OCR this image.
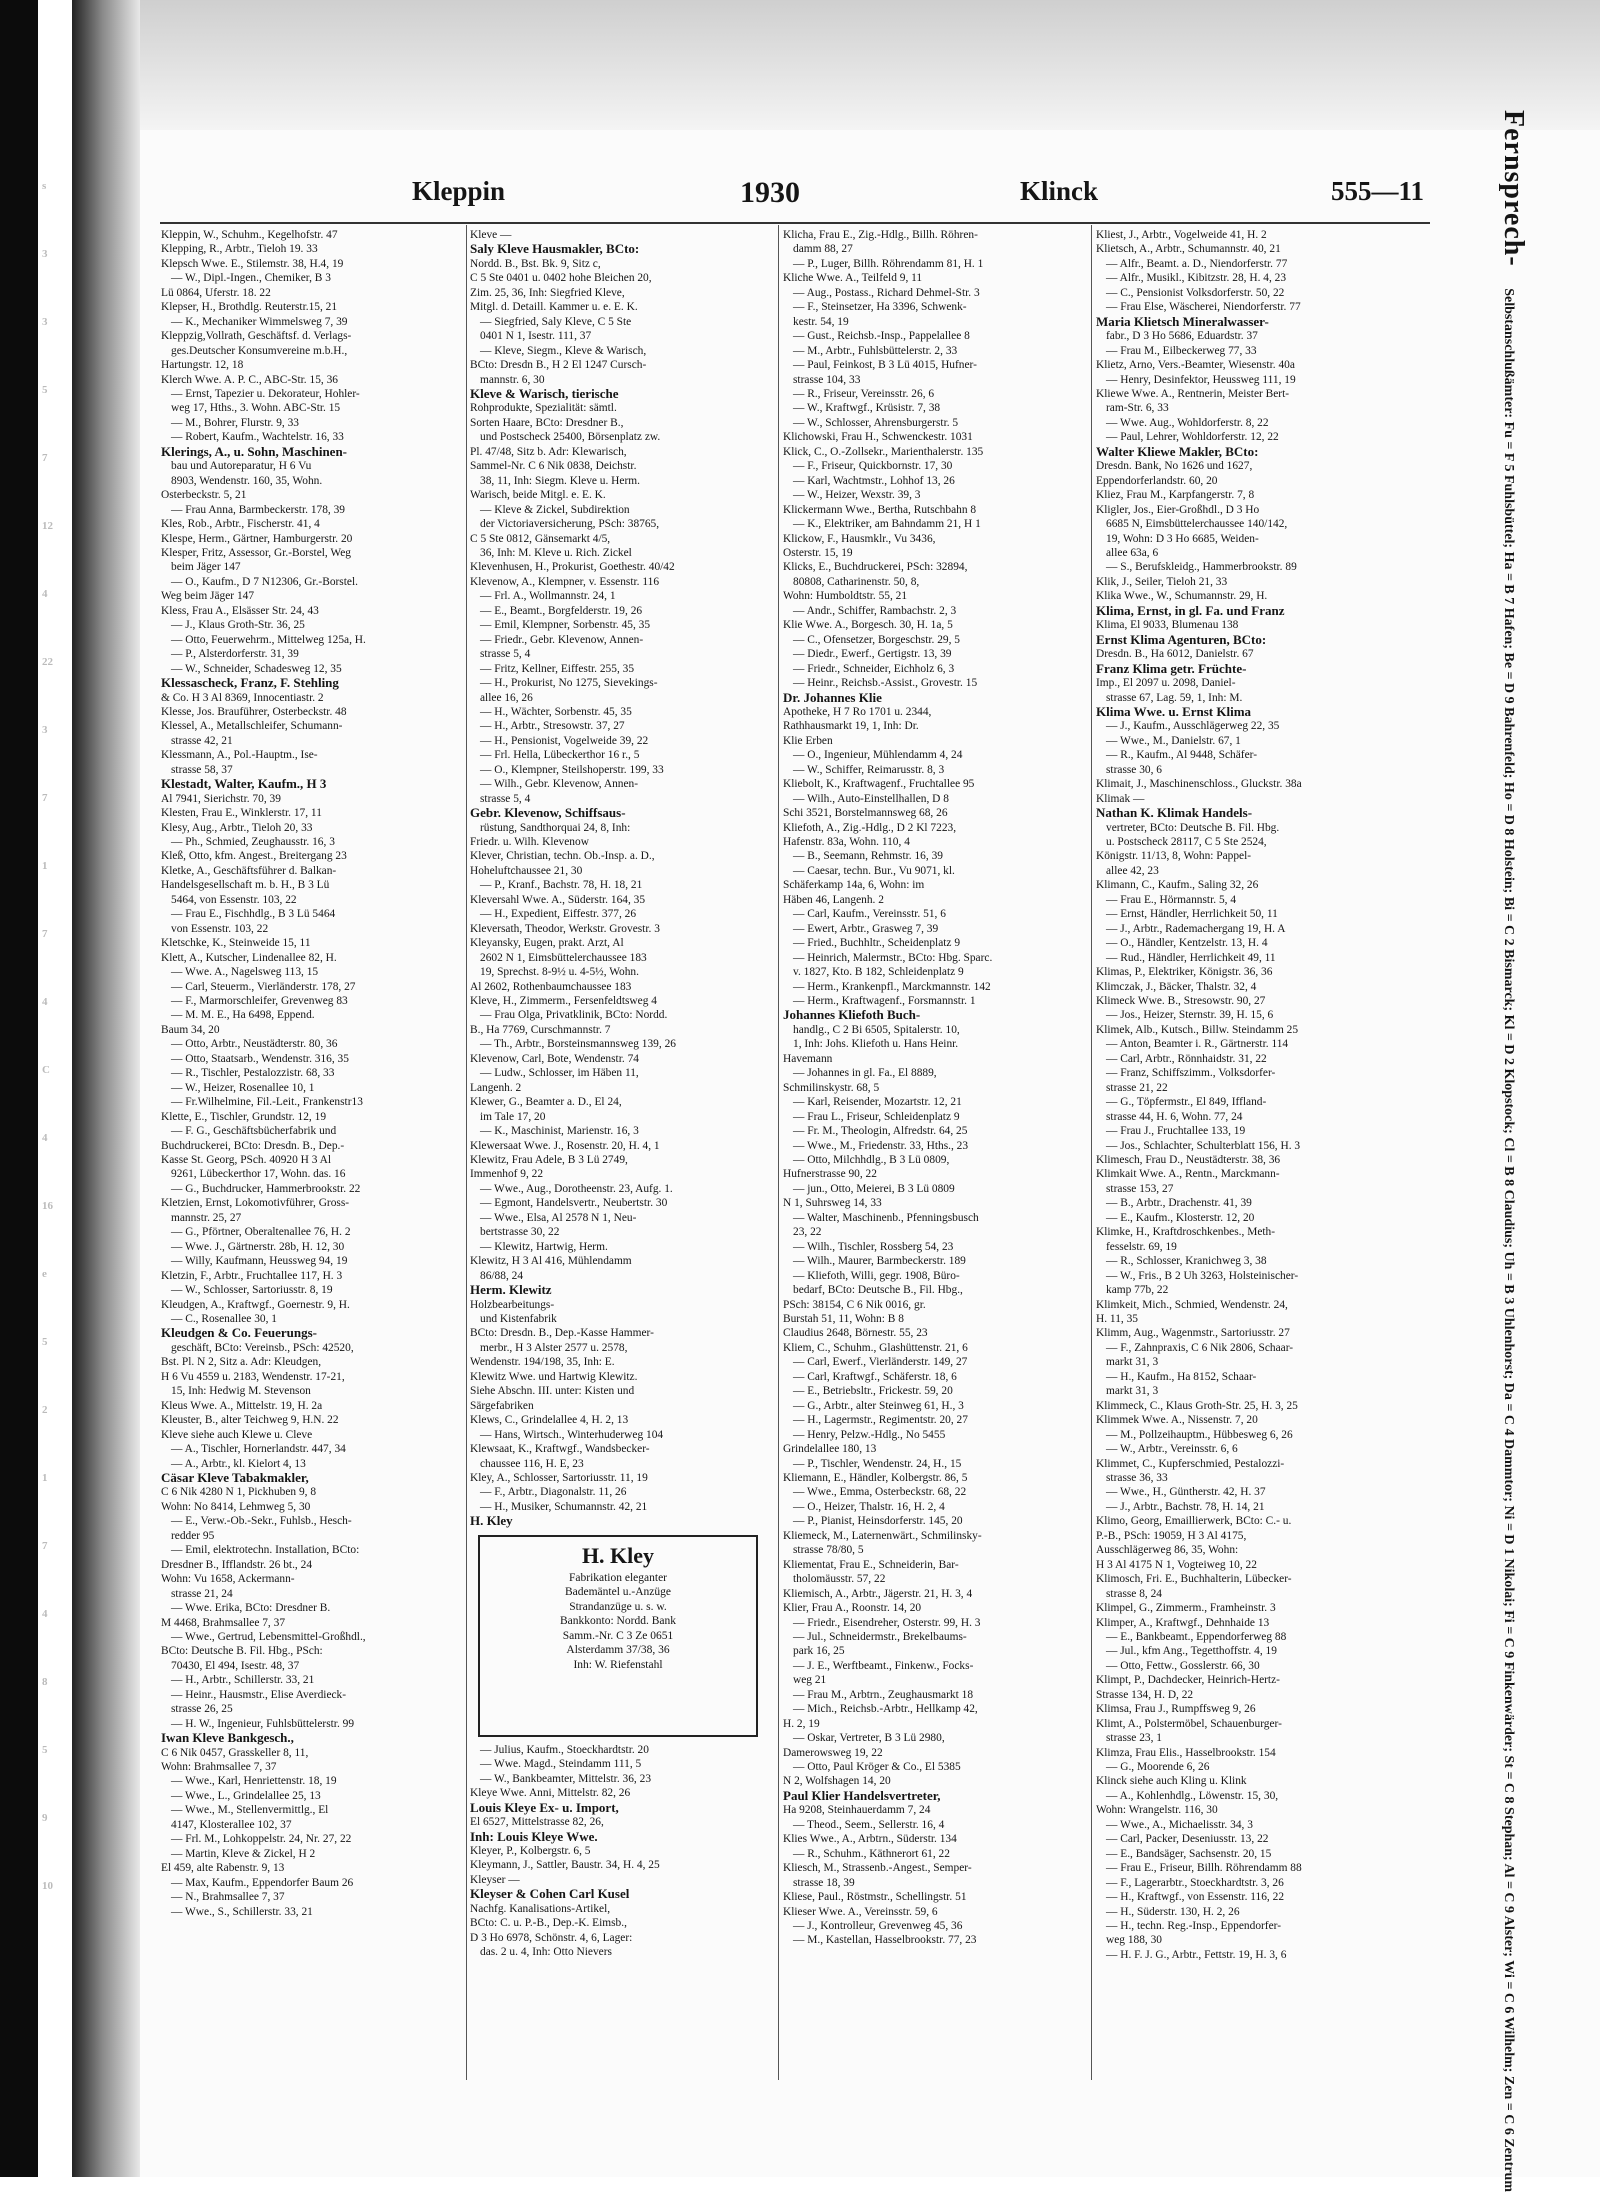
s
3
3
5
7
12
4
22
3
7
1
7
4
C
4
16
e
5
2
1
7
4
8
5
9
10
Kleppin	1930	Klinck	555—11
Kleppin, W., Schuhm., Kegelhofstr. 47
Klepping, R., Arbtr., Tieloh 19. 33
Klepsch Wwe. E., Stilemstr. 38, H.4, 19
— W., Dipl.-Ingen., Chemiker, B 3
Lü 0864, Uferstr. 18. 22
Klepser, H., Brothdlg. Reuterstr.15, 21
— K., Mechaniker Wimmelsweg 7, 39
Kleppzig,Vollrath, Geschäftsf. d. Verlags-
ges.Deutscher Konsumvereine m.b.H.,
Hartungstr. 12, 18
Klerch Wwe. A. P. C., ABC-Str. 15, 36
— Ernst, Tapezier u. Dekorateur, Hohler-
weg 17, Hths., 3. Wohn. ABC-Str. 15
— M., Bohrer, Flurstr. 9, 33
— Robert, Kaufm., Wachtelstr. 16, 33
Klerings, A., u. Sohn, Maschinen-
bau und Autoreparatur, H 6 Vu
8903, Wendenstr. 160, 35, Wohn.
Osterbeckstr. 5, 21
— Frau Anna, Barmbeckerstr. 178, 39
Kles, Rob., Arbtr., Fischerstr. 41, 4
Klespe, Herm., Gärtner, Hamburgerstr. 20
Klesper, Fritz, Assessor, Gr.-Borstel, Weg
beim Jäger 147
— O., Kaufm., D 7 N12306, Gr.-Borstel.
Weg beim Jäger 147
Kless, Frau A., Elsässer Str. 24, 43
— J., Klaus Groth-Str. 36, 25
— Otto, Feuerwehrm., Mittelweg 125a, H.
— P., Alsterdorferstr. 31, 39
— W., Schneider, Schadesweg 12, 35
Klessascheck, Franz, F. Stehling
& Co. H 3 Al 8369, Innocentiastr. 2
Klesse, Jos. Brauführer, Osterbeckstr. 48
Klessel, A., Metallschleifer, Schumann-
strasse 42, 21
Klessmann, A., Pol.-Hauptm., Ise-
strasse 58, 37
Klestadt, Walter, Kaufm., H 3
Al 7941, Sierichstr. 70, 39
Klesten, Frau E., Winklerstr. 17, 11
Klesy, Aug., Arbtr., Tieloh 20, 33
— Ph., Schmied, Zeughausstr. 16, 3
Kleß, Otto, kfm. Angest., Breitergang 23
Kletke, A., Geschäftsführer d. Balkan-
Handelsgesellschaft m. b. H., B 3 Lü
5464, von Essenstr. 103, 22
— Frau E., Fischhdlg., B 3 Lü 5464
von Essenstr. 103, 22
Kletschke, K., Steinweide 15, 11
Klett, A., Kutscher, Lindenallee 82, H.
— Wwe. A., Nagelsweg 113, 15
— Carl, Steuerm., Vierländerstr. 178, 27
— F., Marmorschleifer, Grevenweg 83
— M. M. E., Ha 6498, Eppend.
Baum 34, 20
— Otto, Arbtr., Neustädterstr. 80, 36
— Otto, Staatsarb., Wendenstr. 316, 35
— R., Tischler, Pestalozzistr. 68, 33
— W., Heizer, Rosenallee 10, 1
— Fr.Wilhelmine, Fil.-Leit., Frankenstr13
Klette, E., Tischler, Grundstr. 12, 19
— F. G., Geschäftsbücherfabrik und
Buchdruckerei, BCto: Dresdn. B., Dep.-
Kasse St. Georg, PSch. 40920 H 3 Al
9261, Lübeckerthor 17, Wohn. das. 16
— G., Buchdrucker, Hammerbrookstr. 22
Kletzien, Ernst, Lokomotivführer, Gross-
mannstr. 25, 27
— G., Pförtner, Oberaltenallee 76, H. 2
— Wwe. J., Gärtnerstr. 28b, H. 12, 30
— Willy, Kaufmann, Heussweg 94, 19
Kletzin, F., Arbtr., Fruchtallee 117, H. 3
— W., Schlosser, Sartoriusstr. 8, 19
Kleudgen, A., Kraftwgf., Goernestr. 9, H.
— C., Rosenallee 30, 1
Kleudgen & Co. Feuerungs-
geschäft, BCto: Vereinsb., PSch: 42520,
Bst. Pl. N 2, Sitz a. Adr: Kleudgen,
H 6 Vu 4559 u. 2183, Wendenstr. 17-21,
15, Inh: Hedwig M. Stevenson
Kleus Wwe. A., Mittelstr. 19, H. 2a
Kleuster, B., alter Teichweg 9, H.N. 22
Kleve siehe auch Klewe u. Cleve
— A., Tischler, Hornerlandstr. 447, 34
— A., Arbtr., kl. Kielort 4, 13
Cäsar Kleve Tabakmakler,
C 6 Nik 4280 N 1, Pickhuben 9, 8
Wohn: No 8414, Lehmweg 5, 30
— E., Verw.-Ob.-Sekr., Fuhlsb., Hesch-
redder 95
— Emil, elektrotechn. Installation, BCto:
Dresdner B., Ifflandstr. 26 bt., 24
Wohn: Vu 1658, Ackermann-
strasse 21, 24
— Wwe. Erika, BCto: Dresdner B.
M 4468, Brahmsallee 7, 37
— Wwe., Gertrud, Lebensmittel-Großhdl.,
BCto: Deutsche B. Fil. Hbg., PSch:
70430, El 494, Isestr. 48, 37
— H., Arbtr., Schillerstr. 33, 21
— Heinr., Hausmstr., Elise Averdieck-
strasse 26, 25
— H. W., Ingenieur, Fuhlsbüttelerstr. 99
Iwan Kleve Bankgesch.,
C 6 Nik 0457, Grasskeller 8, 11,
Wohn: Brahmsallee 7, 37
— Wwe., Karl, Henriettenstr. 18, 19
— Wwe., L., Grindelallee 25, 13
— Wwe., M., Stellenvermittlg., El
4147, Klosterallee 102, 37
— Frl. M., Lohkoppelstr. 24, Nr. 27, 22
— Martin, Kleve & Zickel, H 2
El 459, alte Rabenstr. 9, 13
— Max, Kaufm., Eppendorfer Baum 26
— N., Brahmsallee 7, 37
— Wwe., S., Schillerstr. 33, 21
Kleve —
Saly Kleve Hausmakler, BCto:
Nordd. B., Bst. Bk. 9, Sitz c,
C 5 Ste 0401 u. 0402 hohe Bleichen 20,
Zim. 25, 36, Inh: Siegfried Kleve,
Mitgl. d. Detaill. Kammer u. e. E. K.
— Siegfried, Saly Kleve, C 5 Ste
0401 N 1, Isestr. 111, 37
— Kleve, Siegm., Kleve & Warisch,
BCto: Dresdn B., H 2 El 1247 Cursch-
mannstr. 6, 30
Kleve & Warisch, tierische
Rohprodukte, Spezialität: sämtl.
Sorten Haare, BCto: Dresdner B.,
und Postscheck 25400, Börsenplatz zw.
Pl. 47/48, Sitz b. Adr: Klewarisch,
Sammel-Nr. C 6 Nik 0838, Deichstr.
38, 11, Inh: Siegm. Kleve u. Herm.
Warisch, beide Mitgl. e. E. K.
— Kleve & Zickel, Subdirektion
der Victoriaversicherung, PSch: 38765,
C 5 Ste 0812, Gänsemarkt 4/5,
36, Inh: M. Kleve u. Rich. Zickel
Klevenhusen, H., Prokurist, Goethestr. 40/42
Klevenow, A., Klempner, v. Essenstr. 116
— Frl. A., Wollmannstr. 24, 1
— E., Beamt., Borgfelderstr. 19, 26
— Emil, Klempner, Sorbenstr. 45, 35
— Friedr., Gebr. Klevenow, Annen-
strasse 5, 4
— Fritz, Kellner, Eiffestr. 255, 35
— H., Prokurist, No 1275, Sievekings-
allee 16, 26
— H., Wächter, Sorbenstr. 45, 35
— H., Arbtr., Stresowstr. 37, 27
— H., Pensionist, Vogelweide 39, 22
— Frl. Hella, Lübeckerthor 16 r., 5
— O., Klempner, Steilshoperstr. 199, 33
— Wilh., Gebr. Klevenow, Annen-
strasse 5, 4
Gebr. Klevenow, Schiffsaus-
rüstung, Sandthorquai 24, 8, Inh:
Friedr. u. Wilh. Klevenow
Klever, Christian, techn. Ob.-Insp. a. D.,
Hoheluftchaussee 21, 30
— P., Kranf., Bachstr. 78, H. 18, 21
Kleversahl Wwe. A., Süderstr. 164, 35
— H., Expedient, Eiffestr. 377, 26
Kleversath, Theodor, Werkstr. Grovestr. 3
Kleyansky, Eugen, prakt. Arzt, Al
2602 N 1, Eimsbüttelerchaussee 183
19, Sprechst. 8-9½ u. 4-5½, Wohn.
Al 2602, Rothenbaumchaussee 183
Kleve, H., Zimmerm., Fersenfeldtsweg 4
— Frau Olga, Privatklinik, BCto: Nordd.
B., Ha 7769, Curschmannstr. 7
— Th., Arbtr., Borsteinsmannsweg 139, 26
Klevenow, Carl, Bote, Wendenstr. 74
— Ludw., Schlosser, im Häben 11,
Langenh. 2
Klewer, G., Beamter a. D., El 24,
im Tale 17, 20
— K., Maschinist, Marienstr. 16, 3
Klewersaat Wwe. J., Rosenstr. 20, H. 4, 1
Klewitz, Frau Adele, B 3 Lü 2749,
Immenhof 9, 22
— Wwe., Aug., Dorotheenstr. 23, Aufg. 1.
— Egmont, Handelsvertr., Neubertstr. 30
— Wwe., Elsa, Al 2578 N 1, Neu-
bertstrasse 30, 22
— Klewitz, Hartwig, Herm.
Klewitz, H 3 Al 416, Mühlendamm
86/88, 24
Herm. Klewitz
Holzbearbeitungs-
und Kistenfabrik
BCto: Dresdn. B., Dep.-Kasse Hammer-
merbr., H 3 Alster 2577 u. 2578,
Wendenstr. 194/198, 35, Inh: E.
Klewitz Wwe. und Hartwig Klewitz.
Siehe Abschn. III. unter: Kisten und
Särgefabriken
Klews, C., Grindelallee 4, H. 2, 13
— Hans, Wirtsch., Winterhuderweg 104
Klewsaat, K., Kraftwgf., Wandsbecker-
chaussee 116, H. E, 23
Kley, A., Schlosser, Sartoriusstr. 11, 19
— F., Arbtr., Diagonalstr. 11, 26
— H., Musiker, Schumannstr. 42, 21
H. Kley
H. Kley
Fabrikation eleganter
Bademäntel u.-Anzüge
Strandanzüge u. s. w.
Bankkonto: Nordd. Bank
Samm.-Nr. C 3 Ze 0651
Alsterdamm 37/38, 36
Inh: W. Riefenstahl
— Julius, Kaufm., Stoeckhardtstr. 20
— Wwe. Magd., Steindamm 111, 5
— W., Bankbeamter, Mittelstr. 36, 23
Kleye Wwe. Anni, Mittelstr. 82, 26
Louis Kleye Ex- u. Import,
El 6527, Mittelstrasse 82, 26,
Inh: Louis Kleye Wwe.
Kleyer, P., Kolbergstr. 6, 5
Kleymann, J., Sattler, Baustr. 34, H. 4, 25
Kleyser —
Kleyser & Cohen Carl Kusel
Nachfg. Kanalisations-Artikel,
BCto: C. u. P.-B., Dep.-K. Eimsb.,
D 3 Ho 6978, Schönstr. 4, 6, Lager:
das. 2 u. 4, Inh: Otto Nievers
Klicha, Frau E., Zig.-Hdlg., Billh. Röhren-
damm 88, 27
— P., Luger, Billh. Röhrendamm 81, H. 1
Kliche Wwe. A., Teilfeld 9, 11
— Aug., Postass., Richard Dehmel-Str. 3
— F., Steinsetzer, Ha 3396, Schwenk-
kestr. 54, 19
— Gust., Reichsb.-Insp., Pappelallee 8
— M., Arbtr., Fuhlsbüttelerstr. 2, 33
— Paul, Feinkost, B 3 Lü 4015, Hufner-
strasse 104, 33
— R., Friseur, Vereinsstr. 26, 6
— W., Kraftwgf., Krüsistr. 7, 38
— W., Schlosser, Ahrensburgerstr. 5
Klichowski, Frau H., Schwenckestr. 1031
Klick, C., O.-Zollsekr., Marienthalerstr. 135
— F., Friseur, Quickbornstr. 17, 30
— Karl, Wachtmstr., Lohhof 13, 26
— W., Heizer, Wexstr. 39, 3
Klickermann Wwe., Bertha, Rutschbahn 8
— K., Elektriker, am Bahndamm 21, H 1
Klickow, F., Hausmklr., Vu 3436,
Osterstr. 15, 19
Klicks, E., Buchdruckerei, PSch: 32894,
80808, Catharinenstr. 50, 8,
Wohn: Humboldtstr. 55, 21
— Andr., Schiffer, Rambachstr. 2, 3
Klie Wwe. A., Borgesch. 30, H. 1a, 5
— C., Ofensetzer, Borgeschstr. 29, 5
— Diedr., Ewerf., Gertigstr. 13, 39
— Friedr., Schneider, Eichholz 6, 3
— Heinr., Reichsb.-Assist., Grovestr. 15
Dr. Johannes Klie
Apotheke, H 7 Ro 1701 u. 2344,
Rathhausmarkt 19, 1, Inh: Dr.
Klie Erben
— O., Ingenieur, Mühlendamm 4, 24
— W., Schiffer, Reimarusstr. 8, 3
Kliebolt, K., Kraftwagenf., Fruchtallee 95
— Wilh., Auto-Einstellhallen, D 8
Schi 3521, Borstelmannsweg 68, 26
Kliefoth, A., Zig.-Hdlg., D 2 Kl 7223,
Hafenstr. 83a, Wohn. 110, 4
— B., Seemann, Rehmstr. 16, 39
— Caesar, techn. Bur., Vu 9071, kl.
Schäferkamp 14a, 6, Wohn: im
Häben 46, Langenh. 2
— Carl, Kaufm., Vereinsstr. 51, 6
— Ewert, Arbtr., Grasweg 7, 39
— Fried., Buchhltr., Scheidenplatz 9
— Heinrich, Malermstr., BCto: Hbg. Sparc.
v. 1827, Kto. B 182, Schleidenplatz 9
— Herm., Krankenpfl., Marckmannstr. 142
— Herm., Kraftwagenf., Forsmannstr. 1
Johannes Kliefoth Buch-
handlg., C 2 Bi 6505, Spitalerstr. 10,
1, Inh: Johs. Kliefoth u. Hans Heinr.
Havemann
— Johannes in gl. Fa., El 8889,
Schmilinskystr. 68, 5
— Karl, Reisender, Mozartstr. 12, 21
— Frau L., Friseur, Schleidenplatz 9
— Fr. M., Theologin, Alfredstr. 64, 25
— Wwe., M., Friedenstr. 33, Hths., 23
— Otto, Milchhdlg., B 3 Lü 0809,
Hufnerstrasse 90, 22
— jun., Otto, Meierei, B 3 Lü 0809
N 1, Suhrsweg 14, 33
— Walter, Maschinenb., Pfenningsbusch
23, 22
— Wilh., Tischler, Rossberg 54, 23
— Wilh., Maurer, Barmbeckerstr. 189
— Kliefoth, Willi, gegr. 1908, Büro-
bedarf, BCto: Deutsche B., Fil. Hbg.,
PSch: 38154, C 6 Nik 0016, gr.
Burstah 51, 11, Wohn: B 8
Claudius 2648, Börnestr. 55, 23
Kliem, C., Schuhm., Glashüttenstr. 21, 6
— Carl, Ewerf., Vierländerstr. 149, 27
— Carl, Kraftwgf., Schäferstr. 18, 6
— E., Betriebsltr., Frickestr. 59, 20
— G., Arbtr., alter Steinweg 61, H., 3
— H., Lagermstr., Regimentstr. 20, 27
— Henry, Pelzw.-Hdlg., No 5455
Grindelallee 180, 13
— P., Tischler, Wendenstr. 24, H., 15
Kliemann, E., Händler, Kolbergstr. 86, 5
— Wwe., Emma, Osterbeckstr. 68, 22
— O., Heizer, Thalstr. 16, H. 2, 4
— P., Pianist, Heinsdorferstr. 145, 20
Kliemeck, M., Laternenwärt., Schmilinsky-
strasse 78/80, 5
Kliementat, Frau E., Schneiderin, Bar-
tholomäusstr. 57, 22
Kliemisch, A., Arbtr., Jägerstr. 21, H. 3, 4
Klier, Frau A., Roonstr. 14, 20
— Friedr., Eisendreher, Osterstr. 99, H. 3
— Jul., Schneidermstr., Brekelbaums-
park 16, 25
— J. E., Werftbeamt., Finkenw., Focks-
weg 21
— Frau M., Arbtrn., Zeughausmarkt 18
— Mich., Reichsb.-Arbtr., Hellkamp 42,
H. 2, 19
— Oskar, Vertreter, B 3 Lü 2980,
Damerowsweg 19, 22
— Otto, Paul Kröger & Co., El 5385
N 2, Wolfshagen 14, 20
Paul Klier Handelsvertreter,
Ha 9208, Steinhauerdamm 7, 24
— Theod., Seem., Sellerstr. 16, 4
Klies Wwe., A., Arbtrn., Süderstr. 134
— R., Schuhm., Käthnerort 61, 22
Kliesch, M., Strassenb.-Angest., Semper-
strasse 18, 39
Kliese, Paul., Röstmstr., Schellingstr. 51
Klieser Wwe. A., Vereinsstr. 59, 6
— J., Kontrolleur, Grevenweg 45, 36
— M., Kastellan, Hasselbrookstr. 77, 23
Kliest, J., Arbtr., Vogelweide 41, H. 2
Klietsch, A., Arbtr., Schumannstr. 40, 21
— Alfr., Beamt. a. D., Niendorferstr. 77
— Alfr., Musikl., Kibitzstr. 28, H. 4, 23
— C., Pensionist Volksdorferstr. 50, 22
— Frau Else, Wäscherei, Niendorferstr. 77
Maria Klietsch Mineralwasser-
fabr., D 3 Ho 5686, Eduardstr. 37
— Frau M., Eilbeckerweg 77, 33
Klietz, Arno, Vers.-Beamter, Wiesenstr. 40a
— Henry, Desinfektor, Heussweg 111, 19
Kliewe Wwe. A., Rentnerin, Meister Bert-
ram-Str. 6, 33
— Wwe. Aug., Wohldorferstr. 8, 22
— Paul, Lehrer, Wohldorferstr. 12, 22
Walter Kliewe Makler, BCto:
Dresdn. Bank, No 1626 und 1627,
Eppendorferlandstr. 60, 20
Kliez, Frau M., Karpfangerstr. 7, 8
Kligler, Jos., Eier-Großhdl., D 3 Ho
6685 N, Eimsbüttelerchaussee 140/142,
19, Wohn: D 3 Ho 6685, Weiden-
allee 63a, 6
— S., Berufskleidg., Hammerbrookstr. 89
Klik, J., Seiler, Tieloh 21, 33
Klika Wwe., W., Schumannstr. 29, H.
Klima, Ernst, in gl. Fa. und Franz
Klima, El 9033, Blumenau 138
Ernst Klima Agenturen, BCto:
Dresdn. B., Ha 6012, Danielstr. 67
Franz Klima getr. Früchte-
Imp., El 2097 u. 2098, Daniel-
strasse 67, Lag. 59, 1, Inh: M.
Klima Wwe. u. Ernst Klima
— J., Kaufm., Ausschlägerweg 22, 35
— Wwe., M., Danielstr. 67, 1
— R., Kaufm., Al 9448, Schäfer-
strasse 30, 6
Klimait, J., Maschinenschloss., Gluckstr. 38a
Klimak —
Nathan K. Klimak Handels-
vertreter, BCto: Deutsche B. Fil. Hbg.
u. Postscheck 28117, C 5 Ste 2524,
Königstr. 11/13, 8, Wohn: Pappel-
allee 42, 23
Klimann, C., Kaufm., Saling 32, 26
— Frau E., Hörmannstr. 5, 4
— Ernst, Händler, Herrlichkeit 50, 11
— J., Arbtr., Rademachergang 19, H. A
— O., Händler, Kentzelstr. 13, H. 4
— Rud., Händler, Herrlichkeit 49, 11
Klimas, P., Elektriker, Königstr. 36, 36
Klimczak, J., Bäcker, Thalstr. 32, 4
Klimeck Wwe. B., Stresowstr. 90, 27
— Jos., Heizer, Sternstr. 39, H. 15, 6
Klimek, Alb., Kutsch., Billw. Steindamm 25
— Anton, Beamter i. R., Gärtnerstr. 114
— Carl, Arbtr., Rönnhaidstr. 31, 22
— Franz, Schiffszimm., Volksdorfer-
strasse 21, 22
— G., Töpfermstr., El 849, Iffland-
strasse 44, H. 6, Wohn. 77, 24
— Frau J., Fruchtallee 133, 19
— Jos., Schlachter, Schulterblatt 156, H. 3
Klimesch, Frau D., Neustädterstr. 38, 36
Klimkait Wwe. A., Rentn., Marckmann-
strasse 153, 27
— B., Arbtr., Drachenstr. 41, 39
— E., Kaufm., Klosterstr. 12, 20
Klimke, H., Kraftdroschkenbes., Meth-
fesselstr. 69, 19
— R., Schlosser, Kranichweg 3, 38
— W., Fris., B 2 Uh 3263, Holsteinischer-
kamp 77b, 22
Klimkeit, Mich., Schmied, Wendenstr. 24,
H. 11, 35
Klimm, Aug., Wagenmstr., Sartoriusstr. 27
— F., Zahnpraxis, C 6 Nik 2806, Schaar-
markt 31, 3
— H., Kaufm., Ha 8152, Schaar-
markt 31, 3
Klimmeck, C., Klaus Groth-Str. 25, H. 3, 25
Klimmek Wwe. A., Nissenstr. 7, 20
— M., Pollzeihauptm., Hübbesweg 6, 26
— W., Arbtr., Vereinsstr. 6, 6
Klimmet, C., Kupferschmied, Pestalozzi-
strasse 36, 33
— Wwe., H., Güntherstr. 42, H. 37
— J., Arbtr., Bachstr. 78, H. 14, 21
Klimo, Georg, Emaillierwerk, BCto: C.- u.
P.-B., PSch: 19059, H 3 Al 4175,
Ausschlägerweg 86, 35, Wohn:
H 3 Al 4175 N 1, Vogteiweg 10, 22
Klimosch, Fri. E., Buchhalterin, Lübecker-
strasse 8, 24
Klimpel, G., Zimmerm., Framheinstr. 3
Klimper, A., Kraftwgf., Dehnhaide 13
— E., Bankbeamt., Eppendorferweg 88
— Jul., kfm Ang., Tegetthoffstr. 4, 19
— Otto, Fettw., Gosslerstr. 66, 30
Klimpt, P., Dachdecker, Heinrich-Hertz-
Strasse 134, H. D, 22
Klimsa, Frau J., Rumpffsweg 9, 26
Klimt, A., Polstermöbel, Schauenburger-
strasse 23, 1
Klimza, Frau Elis., Hasselbrookstr. 154
— G., Moorende 6, 26
Klinck siehe auch Kling u. Klink
— A., Kohlenhdlg., Löwenstr. 15, 30,
Wohn: Wrangelstr. 116, 30
— Wwe., A., Michaelisstr. 34, 3
— Carl, Packer, Deseniusstr. 13, 22
— E., Bandsäger, Sachsenstr. 20, 15
— Frau E., Friseur, Billh. Röhrendamm 88
— F., Lagerarbtr., Stoeckhardtstr. 3, 26
— H., Kraftwgf., von Essenstr. 116, 22
— H., Süderstr. 130, H. 2, 26
— H., techn. Reg.-Insp., Eppendorfer-
weg 188, 30
— H. F. J. G., Arbtr., Fettstr. 19, H. 3, 6
Fernsprech- Selbstanschlußämter: Fu = F 5 Fuhlsbüttel; Ha = B 7 Hafen; Be = D 9 Bahrenfeld; Ho = D 8 Holstein; Bi = C 2 Bismarck; Kl = D 2 Klopstock; Cl = B 8 Claudius; Uh = B 3 Uhlenhorst; Da = C 4 Dammtor; Ni = D 1 Nikolai; Fi = C 9 Finkenwärder; St = C 8 Stephan; Al = C 9 Alster; Wi = C 6 Wilhelm; Zen = C 6 Zentrum
